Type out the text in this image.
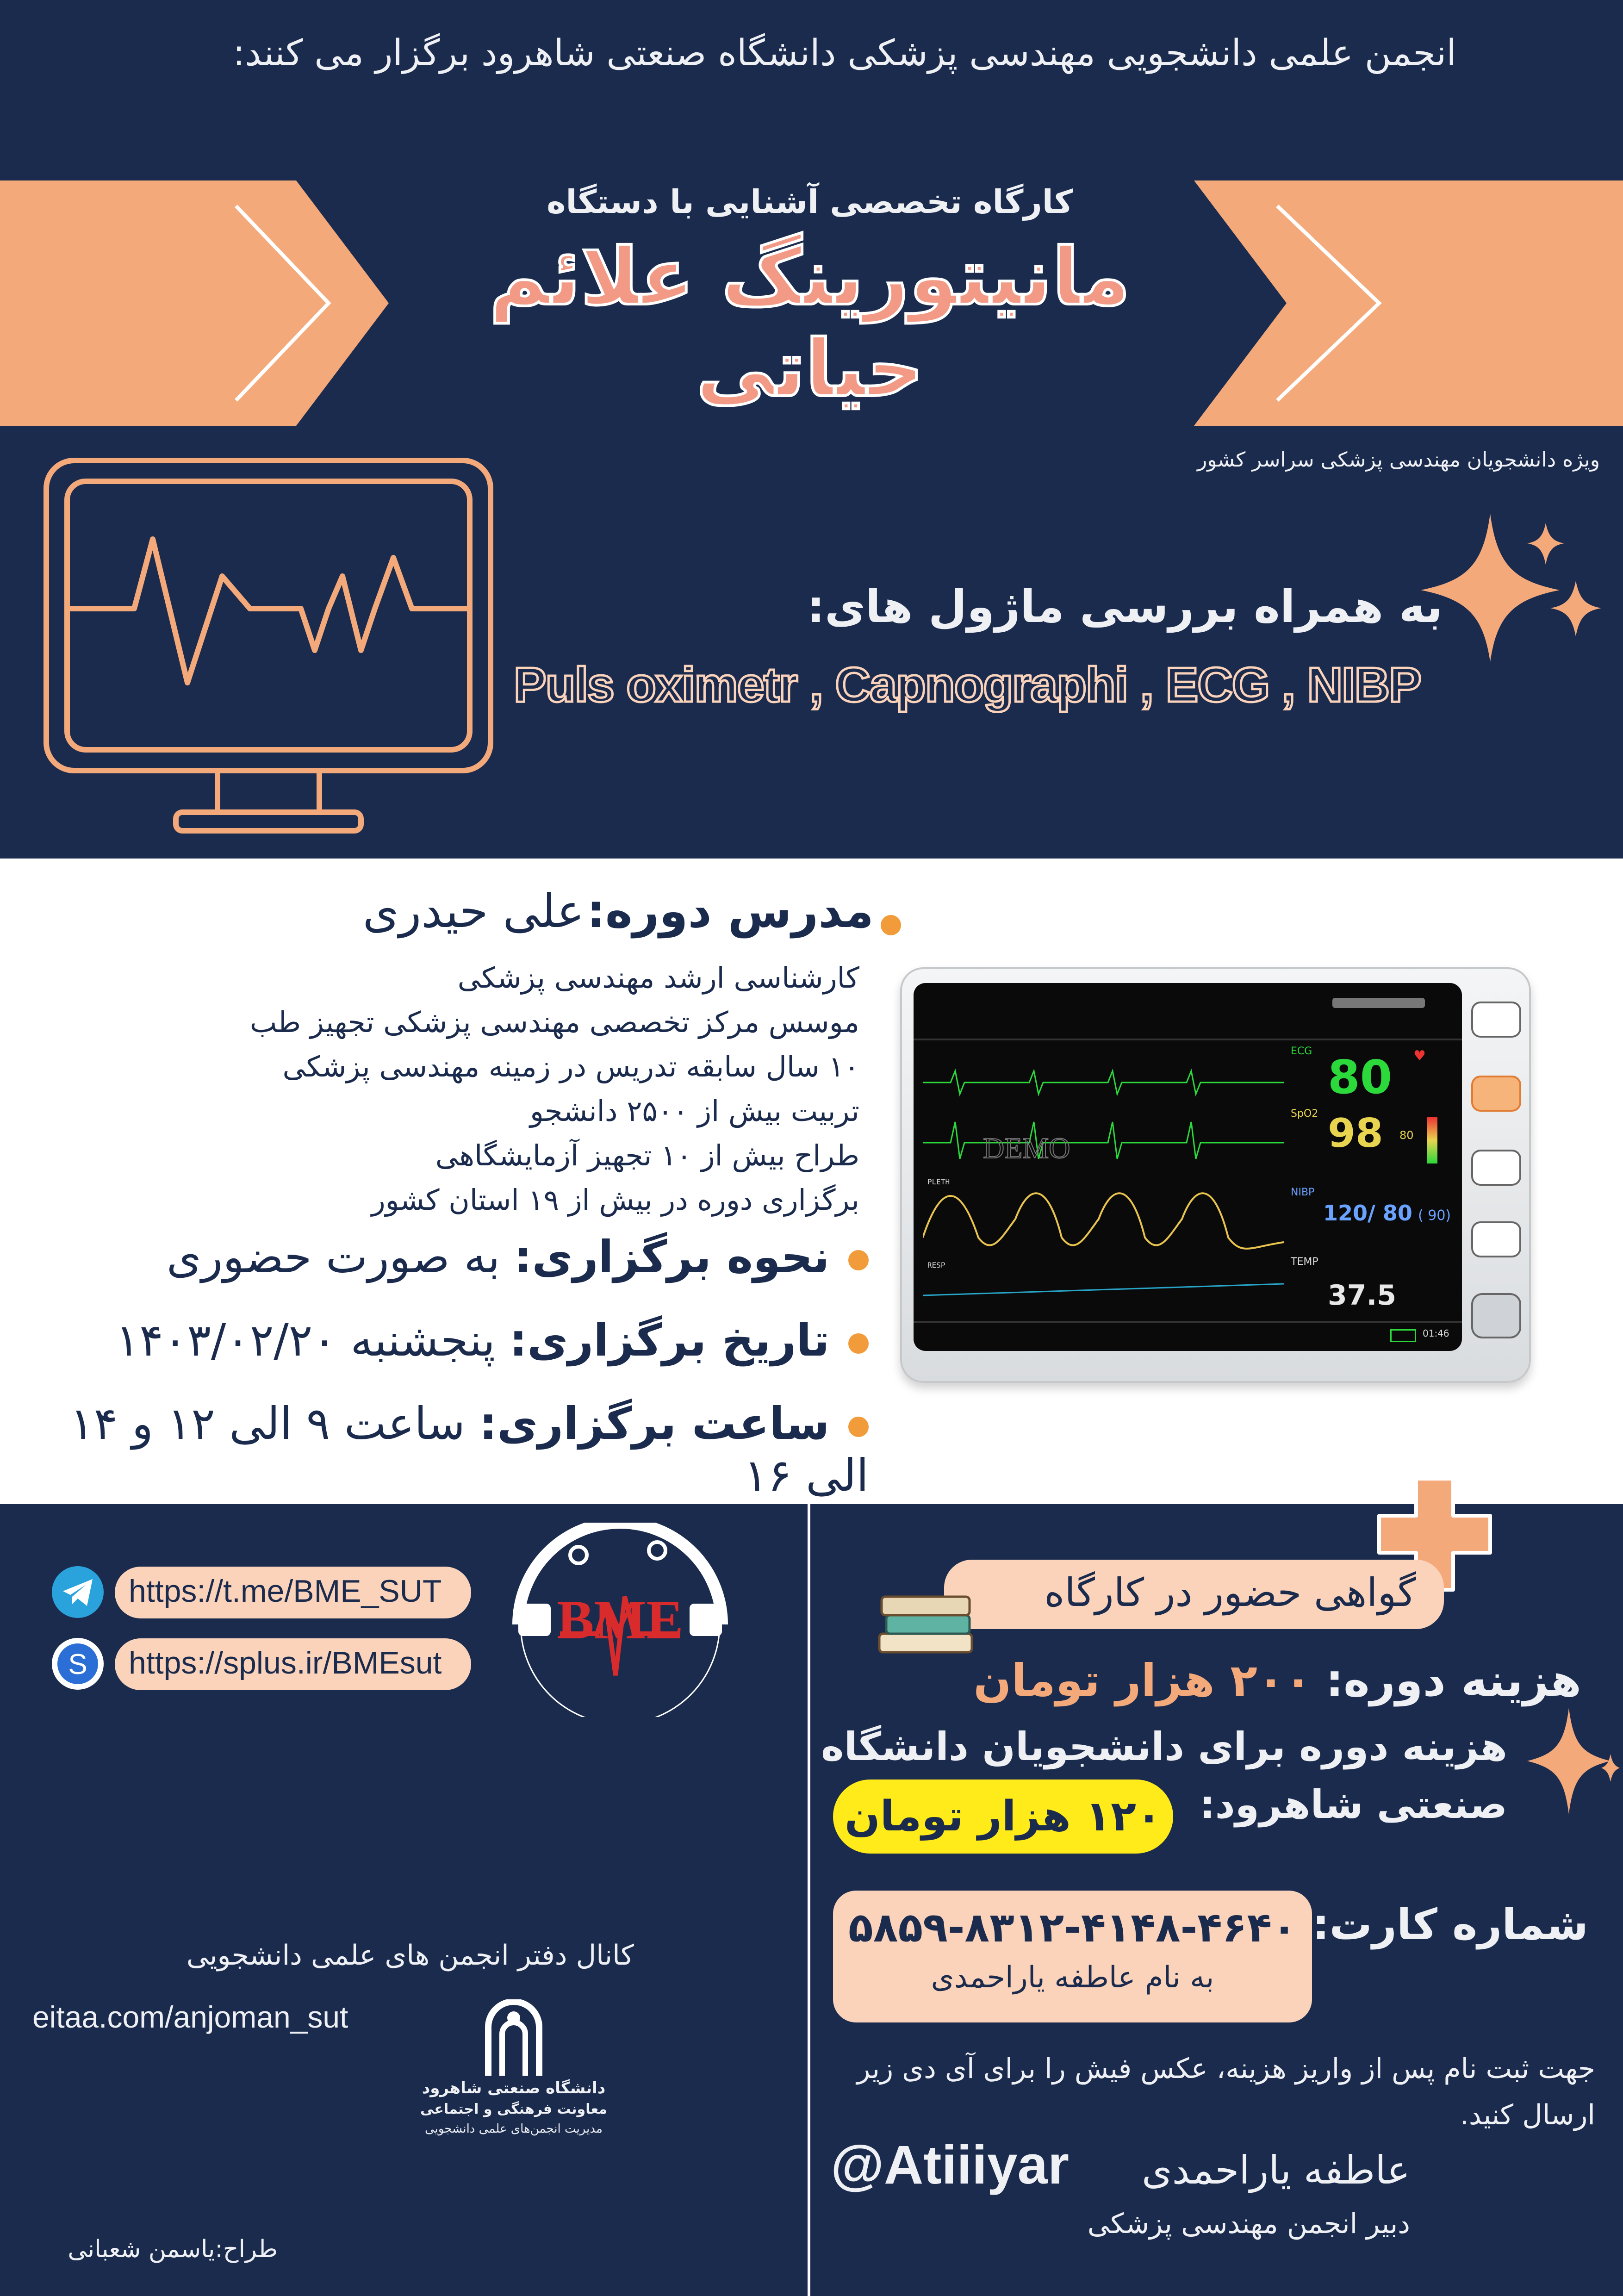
انجمن علمی دانشجویی مهندسی پزشکی دانشگاه صنعتی شاهرود برگزار می کنند:
کارگاه تخصصی آشنایی با دستگاه
مانیتورینگ علائم حیاتی
ویژه دانشجویان مهندسی پزشکی سراسر کشور
به همراه بررسی ماژول های:
Puls oximetr , Capnographi , ECG , NIBP
مدرس دوره: علی حیدری
کارشناسی ارشد مهندسی پزشکی
موسس مرکز تخصصی مهندسی پزشکی تجهیز طب
۱۰ سال سابقه تدریس در زمینه مهندسی پزشکی
تربیت بیش از ۲۵۰۰ دانشجو
طراح بیش از ۱۰ تجهیز آزمایشگاهی
برگزاری دوره در بیش از ۱۹ استان کشور
نحوه برگزاری: به صورت حضوری
تاریخ برگزاری: پنجشنبه ۱۴۰۳/۰۲/۲۰
ساعت برگزاری: ساعت ۹ الی ۱۲ و ۱۴ الی ۱۶
DEMO
PLETH
RESP
ECG 80 ♥
SpO2 98 80
NIBP
120/ 80 ( 90)
TEMP
37.5
01:46
https://t.me/BME_SUT
S	https://splus.ir/BMEsut
BME
کانال دفتر انجمن های علمی دانشجویی
eitaa.com/anjoman_sut
دانشگاه صنعتی شاهرود
معاونت فرهنگی و اجتماعی
مدیریت انجمن‌های علمی دانشجویی
طراح:یاسمن شعبانی
گواهی حضور در کارگاه
هزینه دوره: ۲۰۰ هزار تومان
هزینه دوره برای دانشجویان دانشگاه
صنعتی شاهرود:
۱۲۰ هزار تومان
شماره کارت:
۵۸۵۹-۸۳۱۲-۴۱۴۸-۴۶۴۰
به نام عاطفه یاراحمدی
جهت ثبت نام پس از واریز هزینه، عکس فیش را برای آی دی زیر ارسال کنید.
عاطفه یاراحمدی
@Atiiiyar
دبیر انجمن مهندسی پزشکی
